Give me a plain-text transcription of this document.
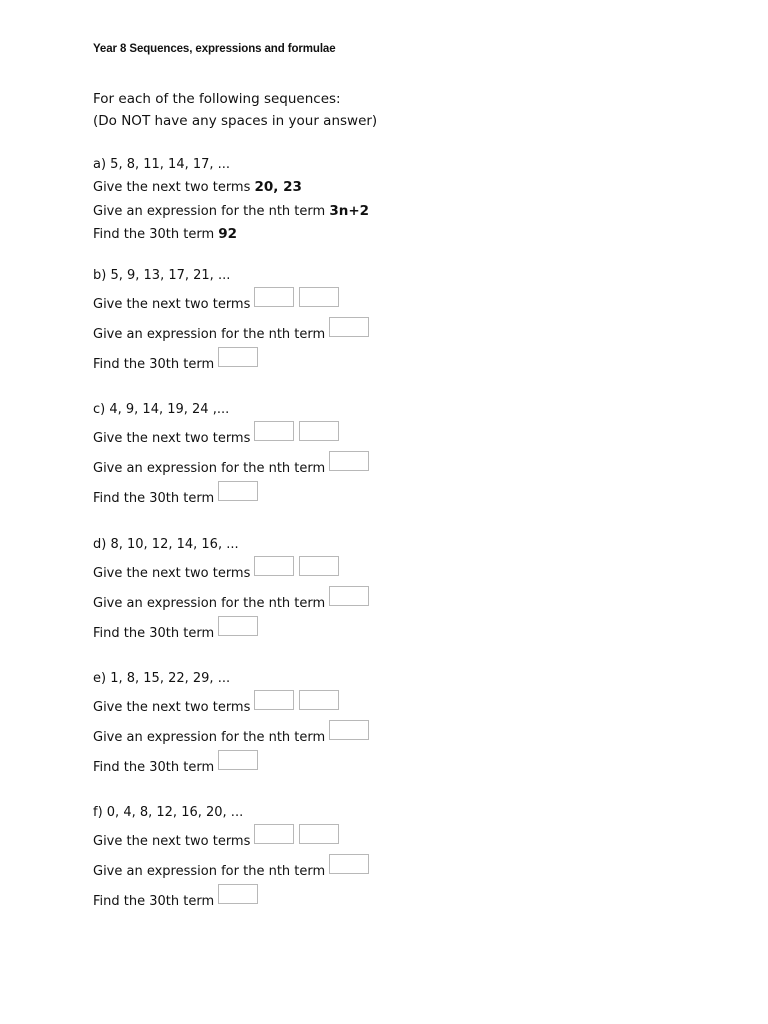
Year 8 Sequences, expressions and formulae
For each of the following sequences:
(Do NOT have any spaces in your answer)
a) 5, 8, 11, 14, 17, ...
Give the next two terms 20, 23
Give an expression for the nth term 3n+2
Find the 30th term 92
b) 5, 9, 13, 17, 21, ...
Give the next two terms
Give an expression for the nth term
Find the 30th term
c) 4, 9, 14, 19, 24 ,...
Give the next two terms
Give an expression for the nth term
Find the 30th term
d) 8, 10, 12, 14, 16, ...
Give the next two terms
Give an expression for the nth term
Find the 30th term
e) 1, 8, 15, 22, 29, ...
Give the next two terms
Give an expression for the nth term
Find the 30th term
f) 0, 4, 8, 12, 16, 20, ...
Give the next two terms
Give an expression for the nth term
Find the 30th term
